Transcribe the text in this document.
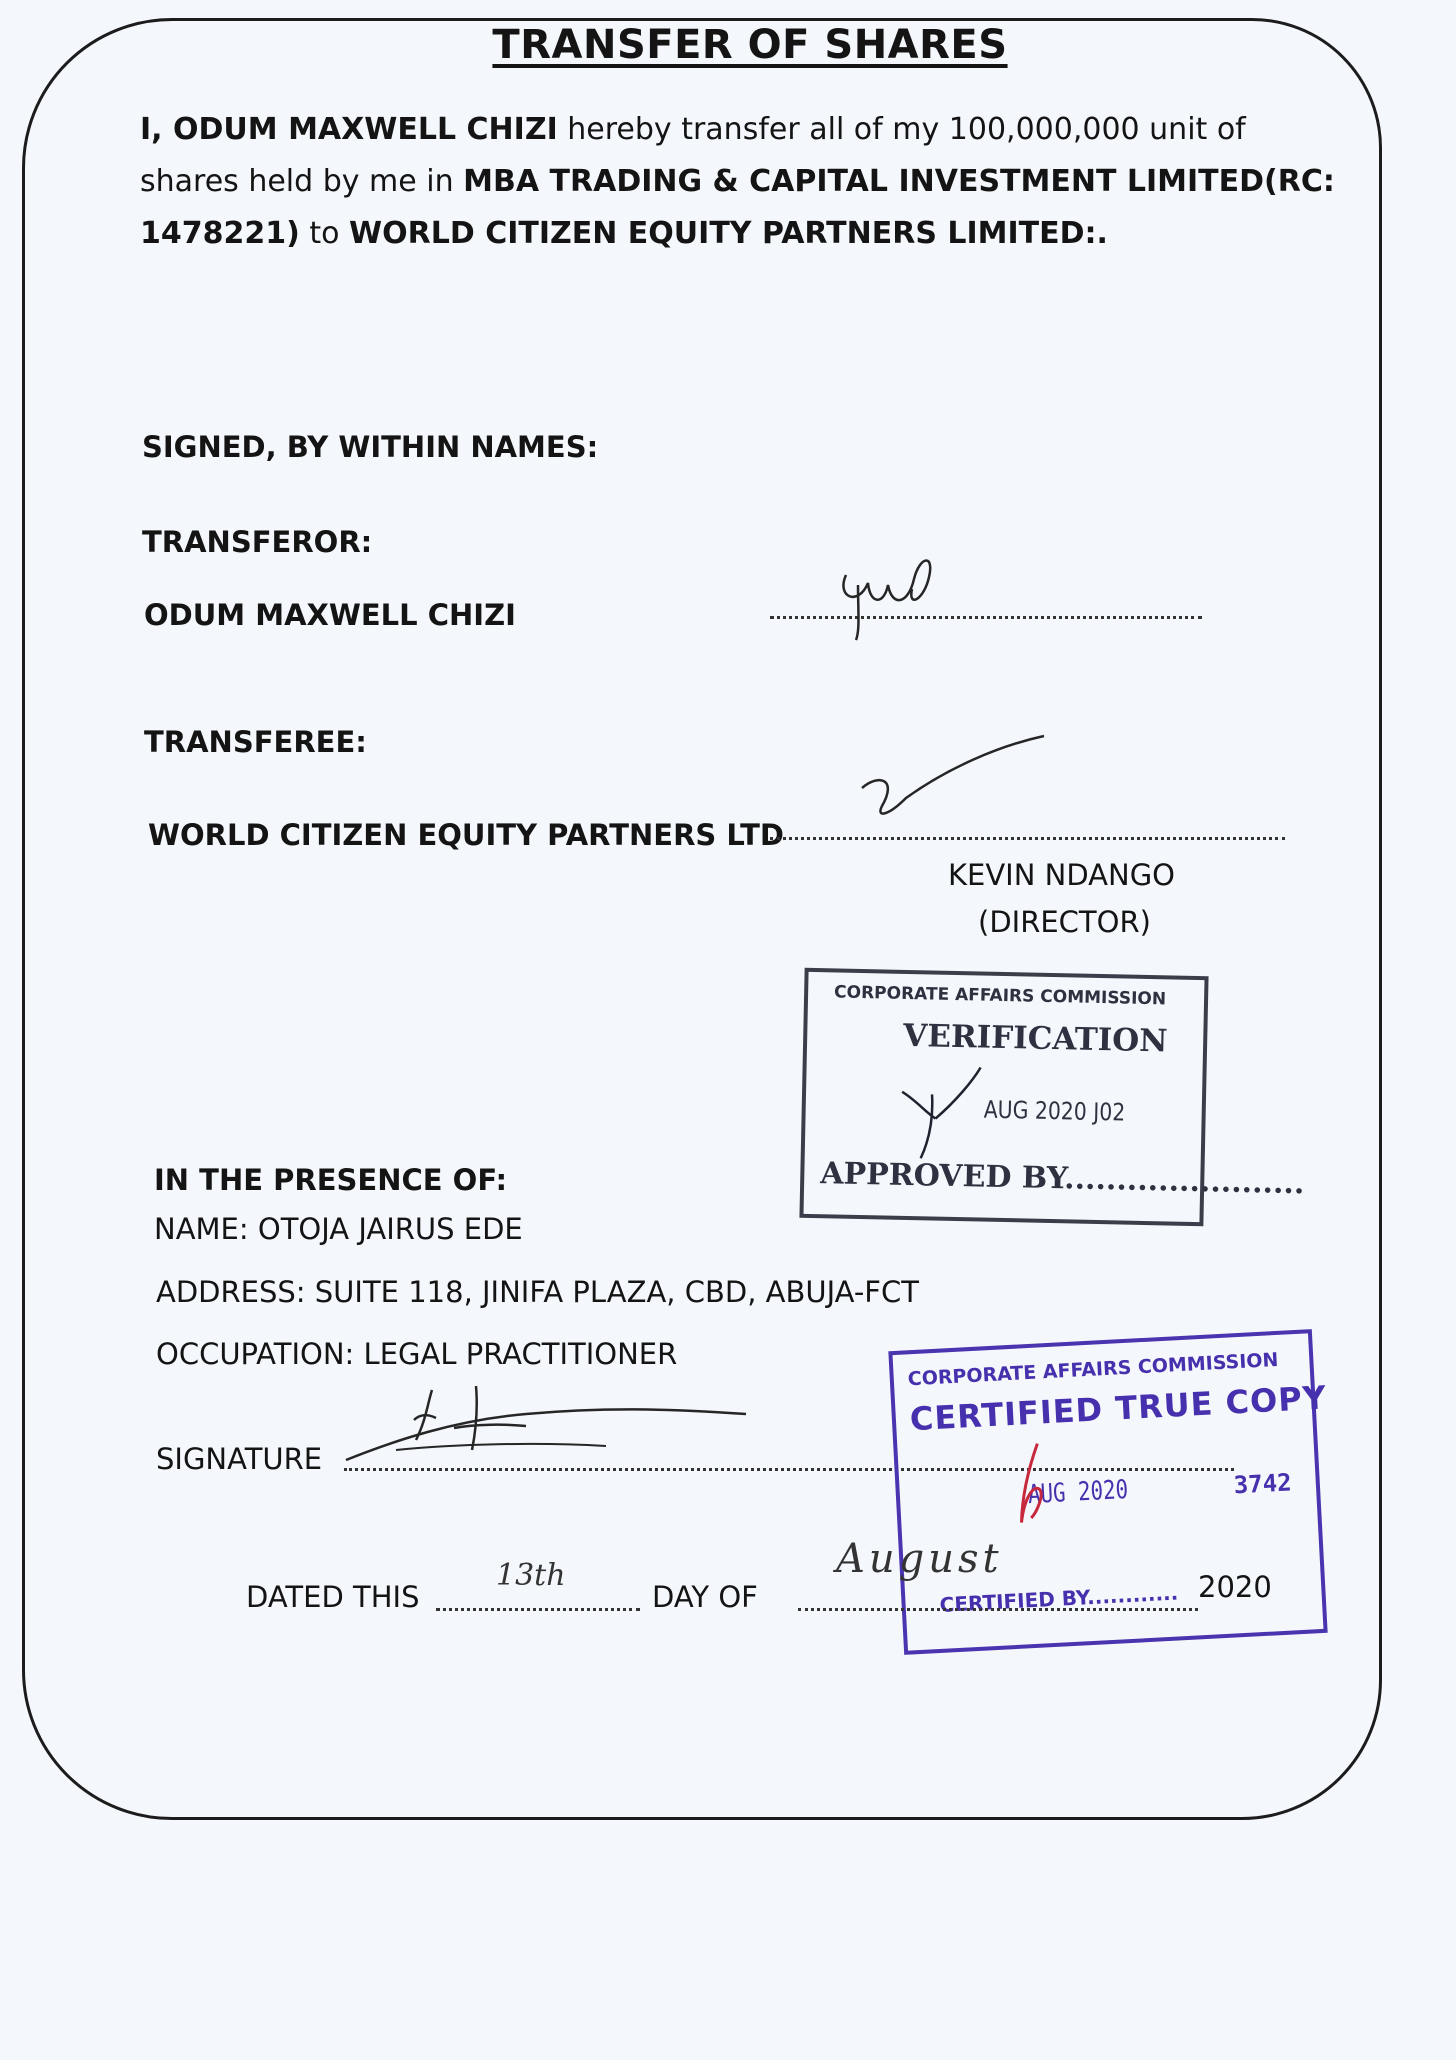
TRANSFER OF SHARES
I, ODUM MAXWELL CHIZI hereby transfer all of my 100,000,000 unit of shares held by me in MBA TRADING & CAPITAL INVESTMENT LIMITED(RC: 1478221) to WORLD CITIZEN EQUITY PARTNERS LIMITED:.
SIGNED, BY WITHIN NAMES:
TRANSFEROR:
ODUM MAXWELL CHIZI
TRANSFEREE:
WORLD CITIZEN EQUITY PARTNERS LTD
KEVIN NDANGO
(DIRECTOR)
CORPORATE AFFAIRS COMMISSION
VERIFICATION
AUG 2020 J02
APPROVED BY.......................
IN THE PRESENCE OF:
NAME: OTOJA JAIRUS EDE
ADDRESS: SUITE 118, JINIFA PLAZA, CBD, ABUJA-FCT
OCCUPATION: LEGAL PRACTITIONER
SIGNATURE
CORPORATE AFFAIRS COMMISSION
CERTIFIED TRUE COPY
AUG 2020	3742
CERTIFIED BY............
DATED THIS
13th
DAY OF
August
2020
